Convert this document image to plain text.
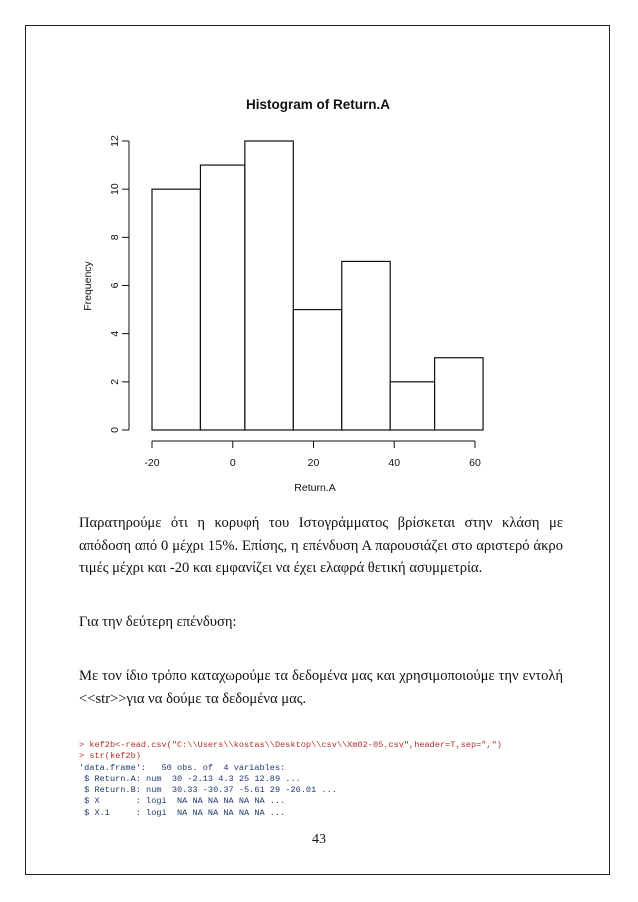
Histogram of Return.A
Frequency
Return.A
-20	0	20	40	60
0
2
4
6
8
10
12

Παρατηρούμε ότι η κορυφή του Ιστογράμματος βρίσκεται στην κλάση με απόδοση από 0 μέχρι 15%. Επίσης, η επένδυση Α παρουσιάζει στο αριστερό άκρο τιμές μέχρι και -20 και εμφανίζει να έχει ελαφρά θετική ασυμμετρία.

Για την δεύτερη επένδυση:

Με τον ίδιο τρόπο καταχωρούμε τα δεδομένα μας και χρησιμοποιούμε την εντολή <<str>>για να δούμε τα δεδομένα μας.

> kef2b<-read.csv("C:\\Users\\kostas\\Desktop\\csv\\Xm02-05.csv",header=T,sep=",")
> str(kef2b)
'data.frame':   50 obs. of  4 variables:
$ Return.A: num  30 -2.13 4.3 25 12.89 ...
$ Return.B: num  30.33 -30.37 -5.61 29 -26.01 ...
$ X       : logi  NA NA NA NA NA NA ...
$ X.1     : logi  NA NA NA NA NA NA ...
43
